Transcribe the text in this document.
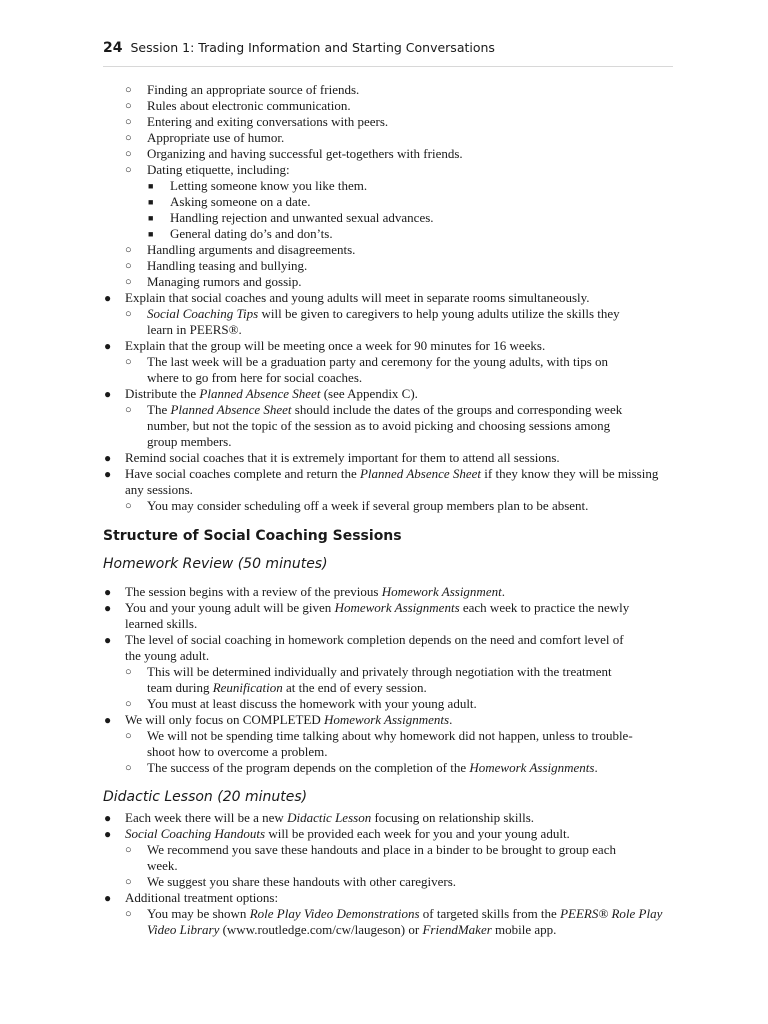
24 Session 1: Trading Information and Starting Conversations
○ Finding an appropriate source of friends.
○ Rules about electronic communication.
○ Entering and exiting conversations with peers.
○ Appropriate use of humor.
○ Organizing and having successful get-togethers with friends.
○ Dating etiquette, including:
■ Letting someone know you like them.
■ Asking someone on a date.
■ Handling rejection and unwanted sexual advances.
■ General dating do’s and don’ts.
○ Handling arguments and disagreements.
○ Handling teasing and bullying.
○ Managing rumors and gossip.
● Explain that social coaches and young adults will meet in separate rooms simultaneously.
○ Social Coaching Tips will be given to caregivers to help young adults utilize the skills they
learn in PEERS®.
● Explain that the group will be meeting once a week for 90 minutes for 16 weeks.
○ The last week will be a graduation party and ceremony for the young adults, with tips on
where to go from here for social coaches.
● Distribute the Planned Absence Sheet (see Appendix C).
○ The Planned Absence Sheet should include the dates of the groups and corresponding week
number, but not the topic of the session as to avoid picking and choosing sessions among
group members.
● Remind social coaches that it is extremely important for them to attend all sessions.
● Have social coaches complete and return the Planned Absence Sheet if they know they will be missing
any sessions.
○ You may consider scheduling off a week if several group members plan to be absent.
Structure of Social Coaching Sessions
Homework Review (50 minutes)
● The session begins with a review of the previous Homework Assignment.
● You and your young adult will be given Homework Assignments each week to practice the newly
learned skills.
● The level of social coaching in homework completion depends on the need and comfort level of
the young adult.
○ This will be determined individually and privately through negotiation with the treatment
team during Reunification at the end of every session.
○ You must at least discuss the homework with your young adult.
● We will only focus on COMPLETED Homework Assignments.
○ We will not be spending time talking about why homework did not happen, unless to trouble-
shoot how to overcome a problem.
○ The success of the program depends on the completion of the Homework Assignments.
Didactic Lesson (20 minutes)
● Each week there will be a new Didactic Lesson focusing on relationship skills.
● Social Coaching Handouts will be provided each week for you and your young adult.
○ We recommend you save these handouts and place in a binder to be brought to group each
week.
○ We suggest you share these handouts with other caregivers.
● Additional treatment options:
○ You may be shown Role Play Video Demonstrations of targeted skills from the PEERS® Role Play
Video Library (www.routledge.com/cw/laugeson) or FriendMaker mobile app.
